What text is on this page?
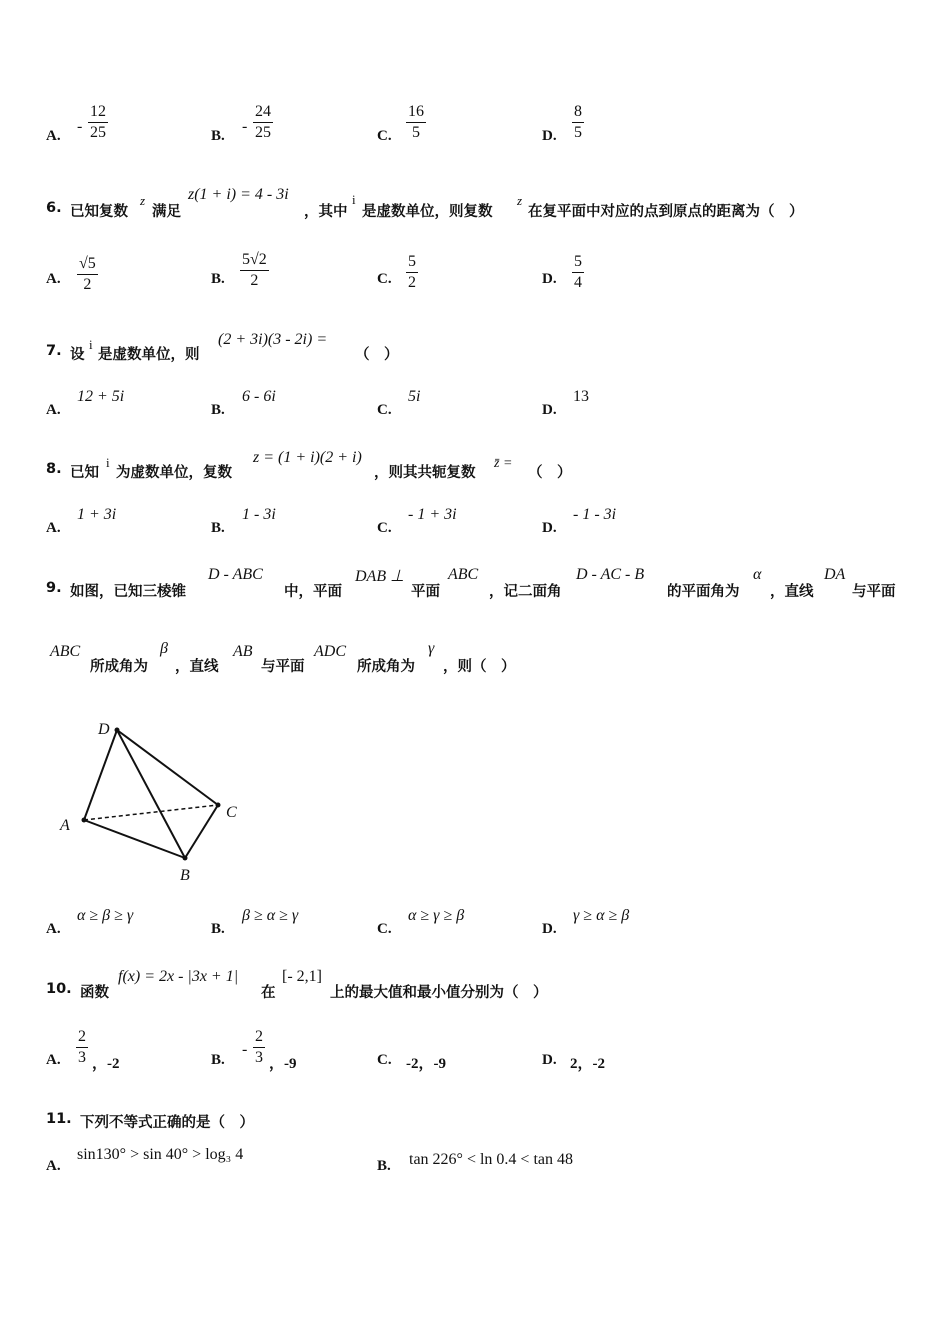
A.
-
12
25	B.
-
24
25	C.
16
5	D.
8
5
6. 已知复数
z
满足
z(1 + i) = 4 - 3i
，其中
i
是虚数单位，则复数
z
在复平面中对应的点到原点的距离为（　）
A.
√5
2	B.
5√2
2	C.
5
2	D.
5
4
7. 设
i
是虚数单位，则
(2 + 3i)(3 - 2i) =
（　）
A.
12 + 5i
B.
6 - 6i
C.
5i
D.
13
8. 已知
i
为虚数单位，复数
z = (1 + i)(2 + i)
，则其共轭复数
z̄ =
（　）
A.
1 + 3i
B.
1 - 3i
C.
- 1 + 3i
D.
- 1 - 3i
9. 如图，已知三棱锥
D - ABC
中，平面
DAB ⊥
平面
ABC
，记二面角
D - AC - B
的平面角为
α
，直线
DA
与平面
ABC
所成角为
β
，直线
AB
与平面
ADC
所成角为
γ
，则（　）
D
A
B
C
A.
α ≥ β ≥ γ
B.
β ≥ α ≥ γ
C.
α ≥ γ ≥ β
D.
γ ≥ α ≥ β
10. 函数
f(x) = 2x - |3x + 1|
在
[- 2,1]
上的最大值和最小值分别为（　）
A.
2
3 ，-2	B.
-
2
3 ，-9	C. -2，-9	D. 2，-2
11. 下列不等式正确的是（　）
A.
sin130° > sin 40° > log₃ 4
B. tan 226° < ln 0.4 < tan 48
